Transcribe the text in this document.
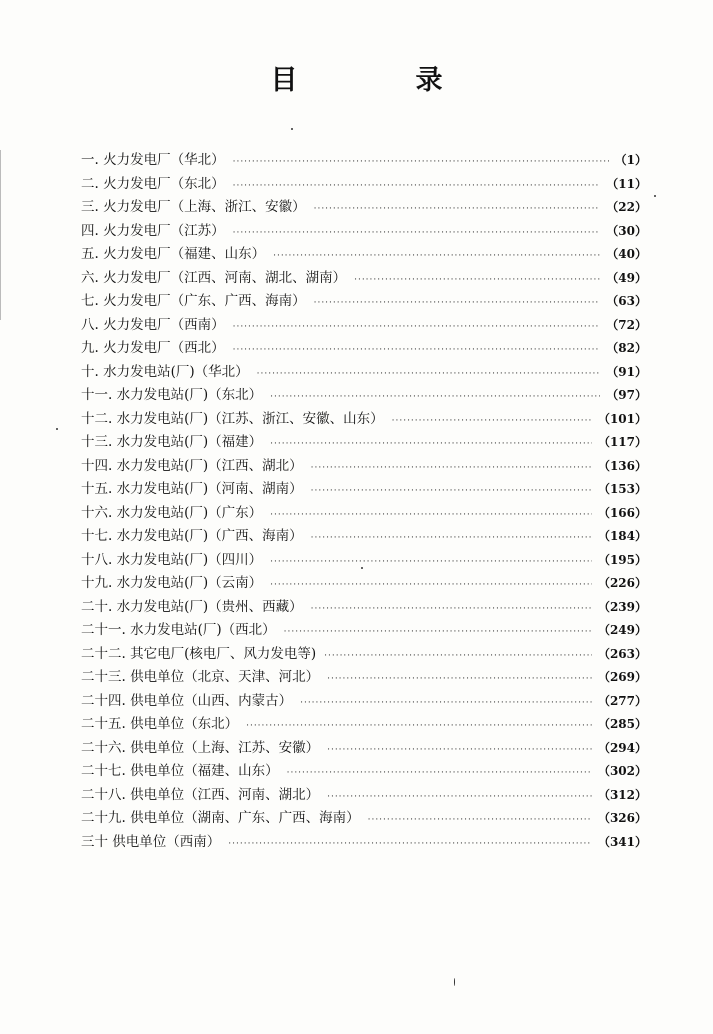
目	录
一. 火力发电厂（华北） ·····	（1）
二. 火力发电厂（东北） ·····	（11）
三. 火力发电厂（上海、浙江、安徽） ·····	（22）
四. 火力发电厂（江苏） ·····	（30）
五. 火力发电厂（福建、山东） ·····	（40）
六. 火力发电厂（江西、河南、湖北、湖南） ·····	（49）
七. 火力发电厂（广东、广西、海南） ·····	（63）
八. 火力发电厂（西南） ·····	（72）
九. 火力发电厂（西北） ·····	（82）
十. 水力发电站(厂)（华北） ·····	（91）
十一. 水力发电站(厂)（东北） ·····	（97）
十二. 水力发电站(厂)（江苏、浙江、安徽、山东） ·····	（101）
十三. 水力发电站(厂)（福建） ·····	（117）
十四. 水力发电站(厂)（江西、湖北） ·····	（136）
十五. 水力发电站(厂)（河南、湖南） ·····	（153）
十六. 水力发电站(厂)（广东） ·····	（166）
十七. 水力发电站(厂)（广西、海南） ·····	（184）
十八. 水力发电站(厂)（四川） ·····	（195）
十九. 水力发电站(厂)（云南） ·····	（226）
二十. 水力发电站(厂)（贵州、西藏） ·····	（239）
二十一. 水力发电站(厂)（西北） ·····	（249）
二十二. 其它电厂(核电厂、风力发电等) ·····	（263）
二十三. 供电单位（北京、天津、河北） ·····	（269）
二十四. 供电单位（山西、内蒙古） ·····	（277）
二十五. 供电单位（东北） ·····	（285）
二十六. 供电单位（上海、江苏、安徽） ·····	（294）
二十七. 供电单位（福建、山东） ·····	（302）
二十八. 供电单位（江西、河南、湖北） ·····	（312）
二十九. 供电单位（湖南、广东、广西、海南） ·····	（326）
三十 供电单位（西南） ·····	（341）
